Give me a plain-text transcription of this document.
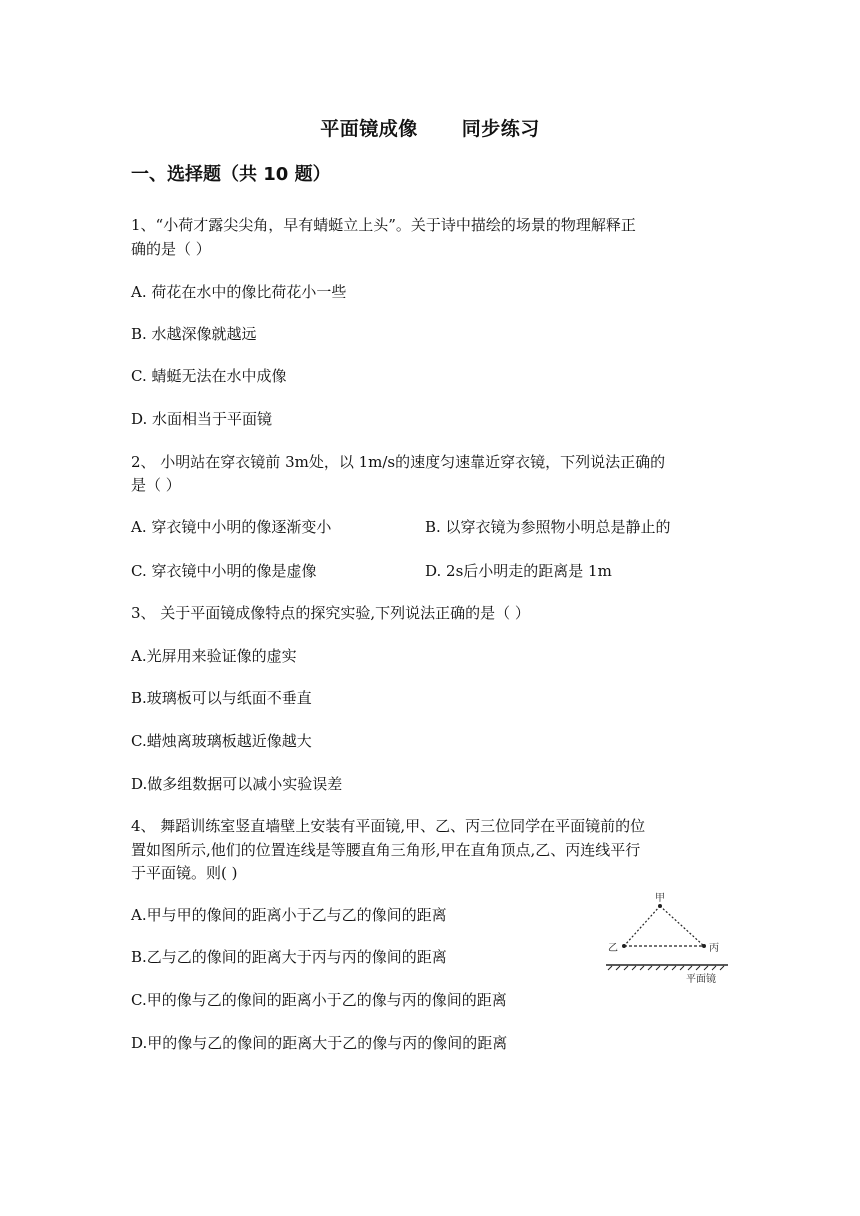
平面镜成像 同步练习
一、选择题（共 10 题）
1、“小荷才露尖尖角，早有蜻蜓立上头”。关于诗中描绘的场景的物理解释正
确的是（ ）
A. 荷花在水中的像比荷花小一些
B. 水越深像就越远
C. 蜻蜓无法在水中成像
D. 水面相当于平面镜
2、 小明站在穿衣镜前 3m处，以 1m/s的速度匀速靠近穿衣镜，下列说法正确的
是（ ）
A. 穿衣镜中小明的像逐渐变小	B. 以穿衣镜为参照物小明总是静止的
C. 穿衣镜中小明的像是虚像	D. 2s后小明走的距离是 1m
3、 关于平面镜成像特点的探究实验,下列说法正确的是（ ）
A.光屏用来验证像的虚实
B.玻璃板可以与纸面不垂直
C.蜡烛离玻璃板越近像越大
D.做多组数据可以减小实验误差
4、 舞蹈训练室竖直墙壁上安装有平面镜,甲、乙、丙三位同学在平面镜前的位
置如图所示,他们的位置连线是等腰直角三角形,甲在直角顶点,乙、丙连线平行
于平面镜。则( )
A.甲与甲的像间的距离小于乙与乙的像间的距离
B.乙与乙的像间的距离大于丙与丙的像间的距离
C.甲的像与乙的像间的距离小于乙的像与丙的像间的距离
D.甲的像与乙的像间的距离大于乙的像与丙的像间的距离
甲
乙	丙
平面镜
